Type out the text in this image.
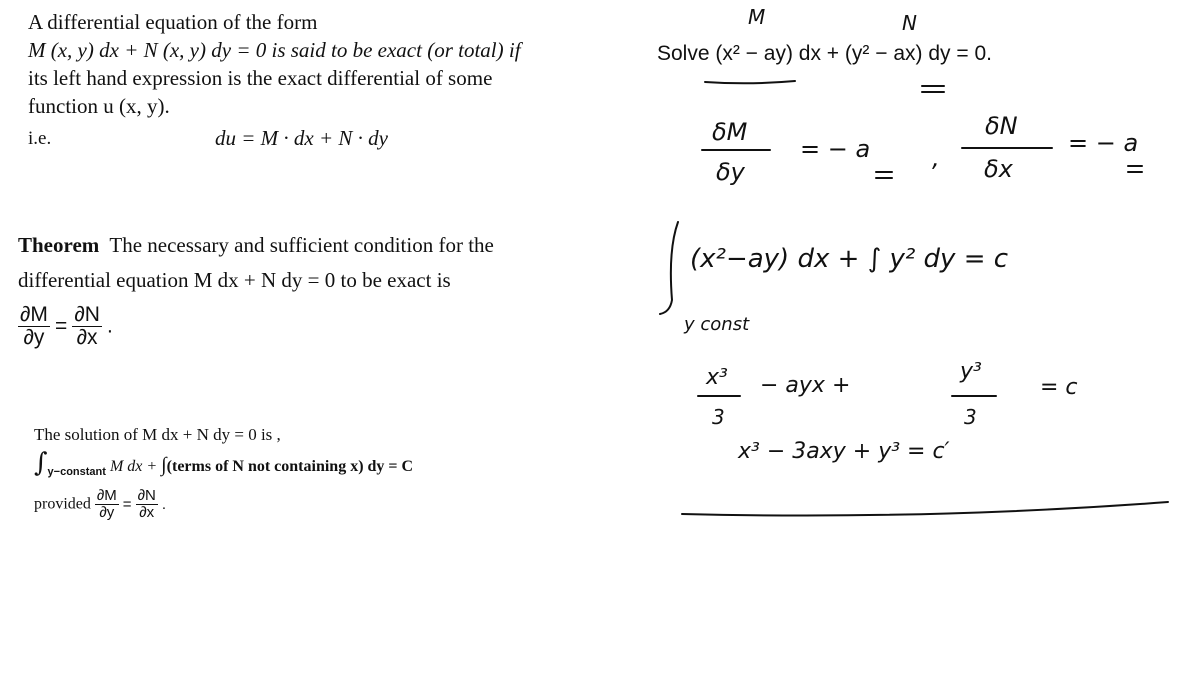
A differential equation of the form
M (x, y) dx + N (x, y) dy = 0 is said to be exact (or total) if
its left hand expression is the exact differential of some
function u (x, y).
i.e.	du = M · dx + N · dy
Theorem The necessary and sufficient condition for the
differential equation M dx + N dy = 0 to be exact is
$\frac{\partial M}{\partial y} = \frac{\partial N}{\partial x}$ .
The solution of M dx + N dy = 0 is ,
$\int_{y-constant}$ M dx + ∫(terms of N not containing x) dy = C
provided $\frac{\partial M}{\partial y} = \frac{\partial N}{\partial x}$ .
Solve (x² − ay) dx + (y² − ax) dy = 0.
M	N
δM
δy
= − a	,
δN
δx
= − a
(x²−ay) dx + ∫ y² dy = c
y const
x³
3
− ayx +
y³
3
= c
x³ − 3axy + y³ = c′
